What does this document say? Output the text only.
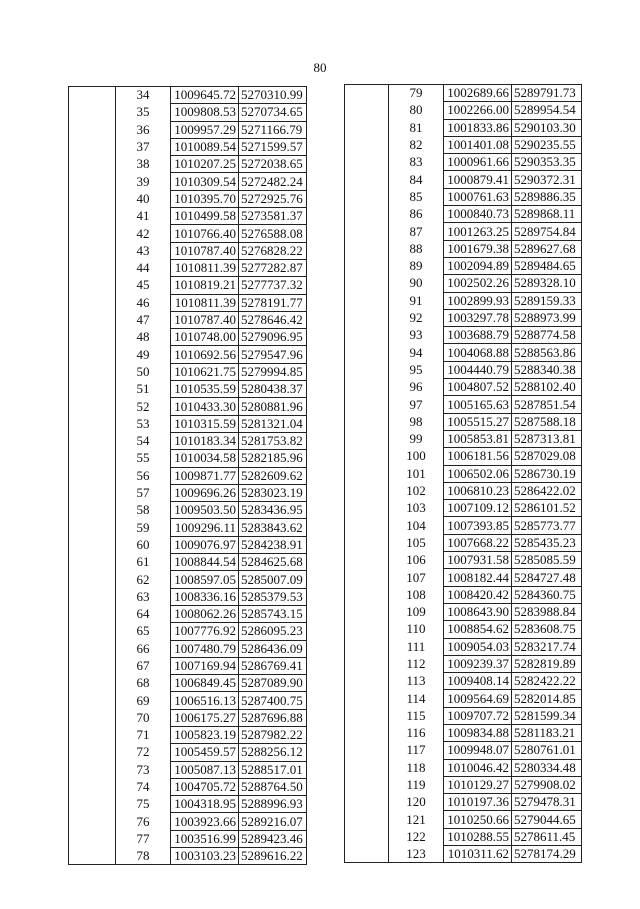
80
	34	1009645.72	5270310.99
	35	1009808.53	5270734.65
	36	1009957.29	5271166.79
	37	1010089.54	5271599.57
	38	1010207.25	5272038.65
	39	1010309.54	5272482.24
	40	1010395.70	5272925.76
	41	1010499.58	5273581.37
	42	1010766.40	5276588.08
	43	1010787.40	5276828.22
	44	1010811.39	5277282.87
	45	1010819.21	5277737.32
	46	1010811.39	5278191.77
	47	1010787.40	5278646.42
	48	1010748.00	5279096.95
	49	1010692.56	5279547.96
	50	1010621.75	5279994.85
	51	1010535.59	5280438.37
	52	1010433.30	5280881.96
	53	1010315.59	5281321.04
	54	1010183.34	5281753.82
	55	1010034.58	5282185.96
	56	1009871.77	5282609.62
	57	1009696.26	5283023.19
	58	1009503.50	5283436.95
	59	1009296.11	5283843.62
	60	1009076.97	5284238.91
	61	1008844.54	5284625.68
	62	1008597.05	5285007.09
	63	1008336.16	5285379.53
	64	1008062.26	5285743.15
	65	1007776.92	5286095.23
	66	1007480.79	5286436.09
	67	1007169.94	5286769.41
	68	1006849.45	5287089.90
	69	1006516.13	5287400.75
	70	1006175.27	5287696.88
	71	1005823.19	5287982.22
	72	1005459.57	5288256.12
	73	1005087.13	5288517.01
	74	1004705.72	5288764.50
	75	1004318.95	5288996.93
	76	1003923.66	5289216.07
	77	1003516.99	5289423.46
	78	1003103.23	5289616.22
	79	1002689.66	5289791.73
	80	1002266.00	5289954.54
	81	1001833.86	5290103.30
	82	1001401.08	5290235.55
	83	1000961.66	5290353.35
	84	1000879.41	5290372.31
	85	1000761.63	5289886.35
	86	1000840.73	5289868.11
	87	1001263.25	5289754.84
	88	1001679.38	5289627.68
	89	1002094.89	5289484.65
	90	1002502.26	5289328.10
	91	1002899.93	5289159.33
	92	1003297.78	5288973.99
	93	1003688.79	5288774.58
	94	1004068.88	5288563.86
	95	1004440.79	5288340.38
	96	1004807.52	5288102.40
	97	1005165.63	5287851.54
	98	1005515.27	5287588.18
	99	1005853.81	5287313.81
	100	1006181.56	5287029.08
	101	1006502.06	5286730.19
	102	1006810.23	5286422.02
	103	1007109.12	5286101.52
	104	1007393.85	5285773.77
	105	1007668.22	5285435.23
	106	1007931.58	5285085.59
	107	1008182.44	5284727.48
	108	1008420.42	5284360.75
	109	1008643.90	5283988.84
	110	1008854.62	5283608.75
	111	1009054.03	5283217.74
	112	1009239.37	5282819.89
	113	1009408.14	5282422.22
	114	1009564.69	5282014.85
	115	1009707.72	5281599.34
	116	1009834.88	5281183.21
	117	1009948.07	5280761.01
	118	1010046.42	5280334.48
	119	1010129.27	5279908.02
	120	1010197.36	5279478.31
	121	1010250.66	5279044.65
	122	1010288.55	5278611.45
	123	1010311.62	5278174.29
